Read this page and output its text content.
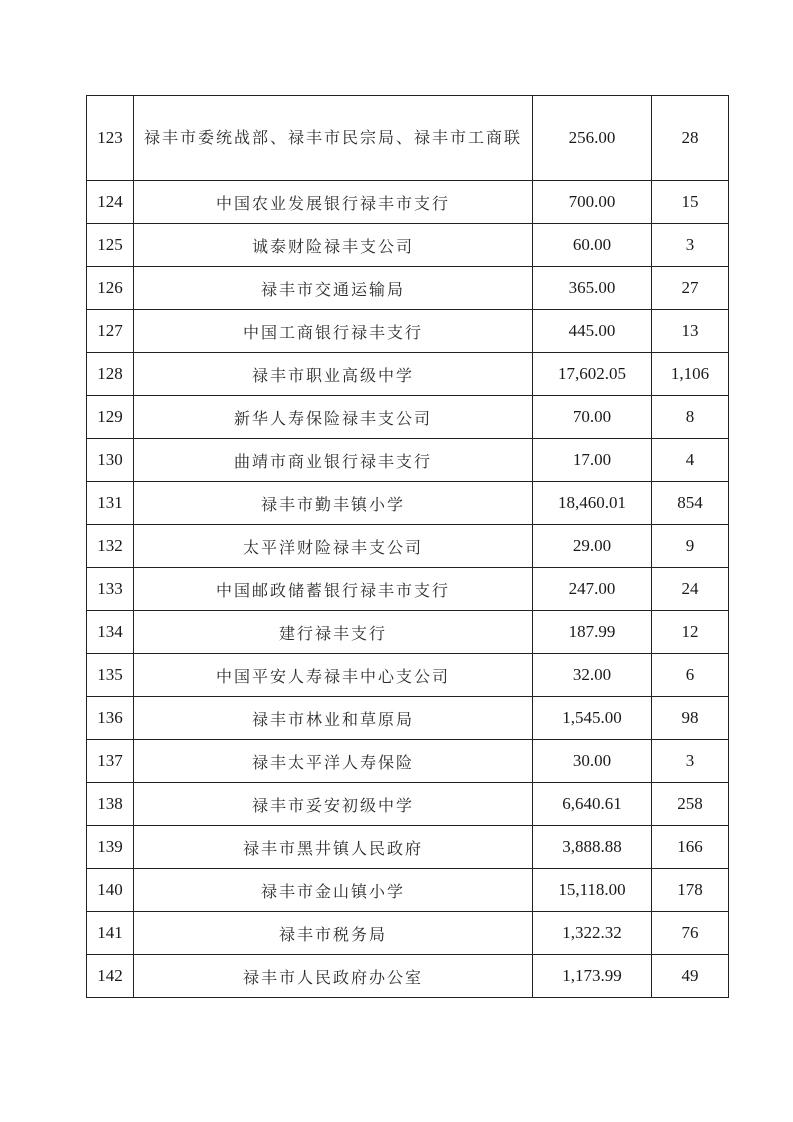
123	禄丰市委统战部、禄丰市民宗局、禄丰市工商联	256.00	28
124	中国农业发展银行禄丰市支行	700.00	15
125	诚泰财险禄丰支公司	60.00	3
126	禄丰市交通运输局	365.00	27
127	中国工商银行禄丰支行	445.00	13
128	禄丰市职业高级中学	17,602.05	1,106
129	新华人寿保险禄丰支公司	70.00	8
130	曲靖市商业银行禄丰支行	17.00	4
131	禄丰市勤丰镇小学	18,460.01	854
132	太平洋财险禄丰支公司	29.00	9
133	中国邮政储蓄银行禄丰市支行	247.00	24
134	建行禄丰支行	187.99	12
135	中国平安人寿禄丰中心支公司	32.00	6
136	禄丰市林业和草原局	1,545.00	98
137	禄丰太平洋人寿保险	30.00	3
138	禄丰市妥安初级中学	6,640.61	258
139	禄丰市黑井镇人民政府	3,888.88	166
140	禄丰市金山镇小学	15,118.00	178
141	禄丰市税务局	1,322.32	76
142	禄丰市人民政府办公室	1,173.99	49
